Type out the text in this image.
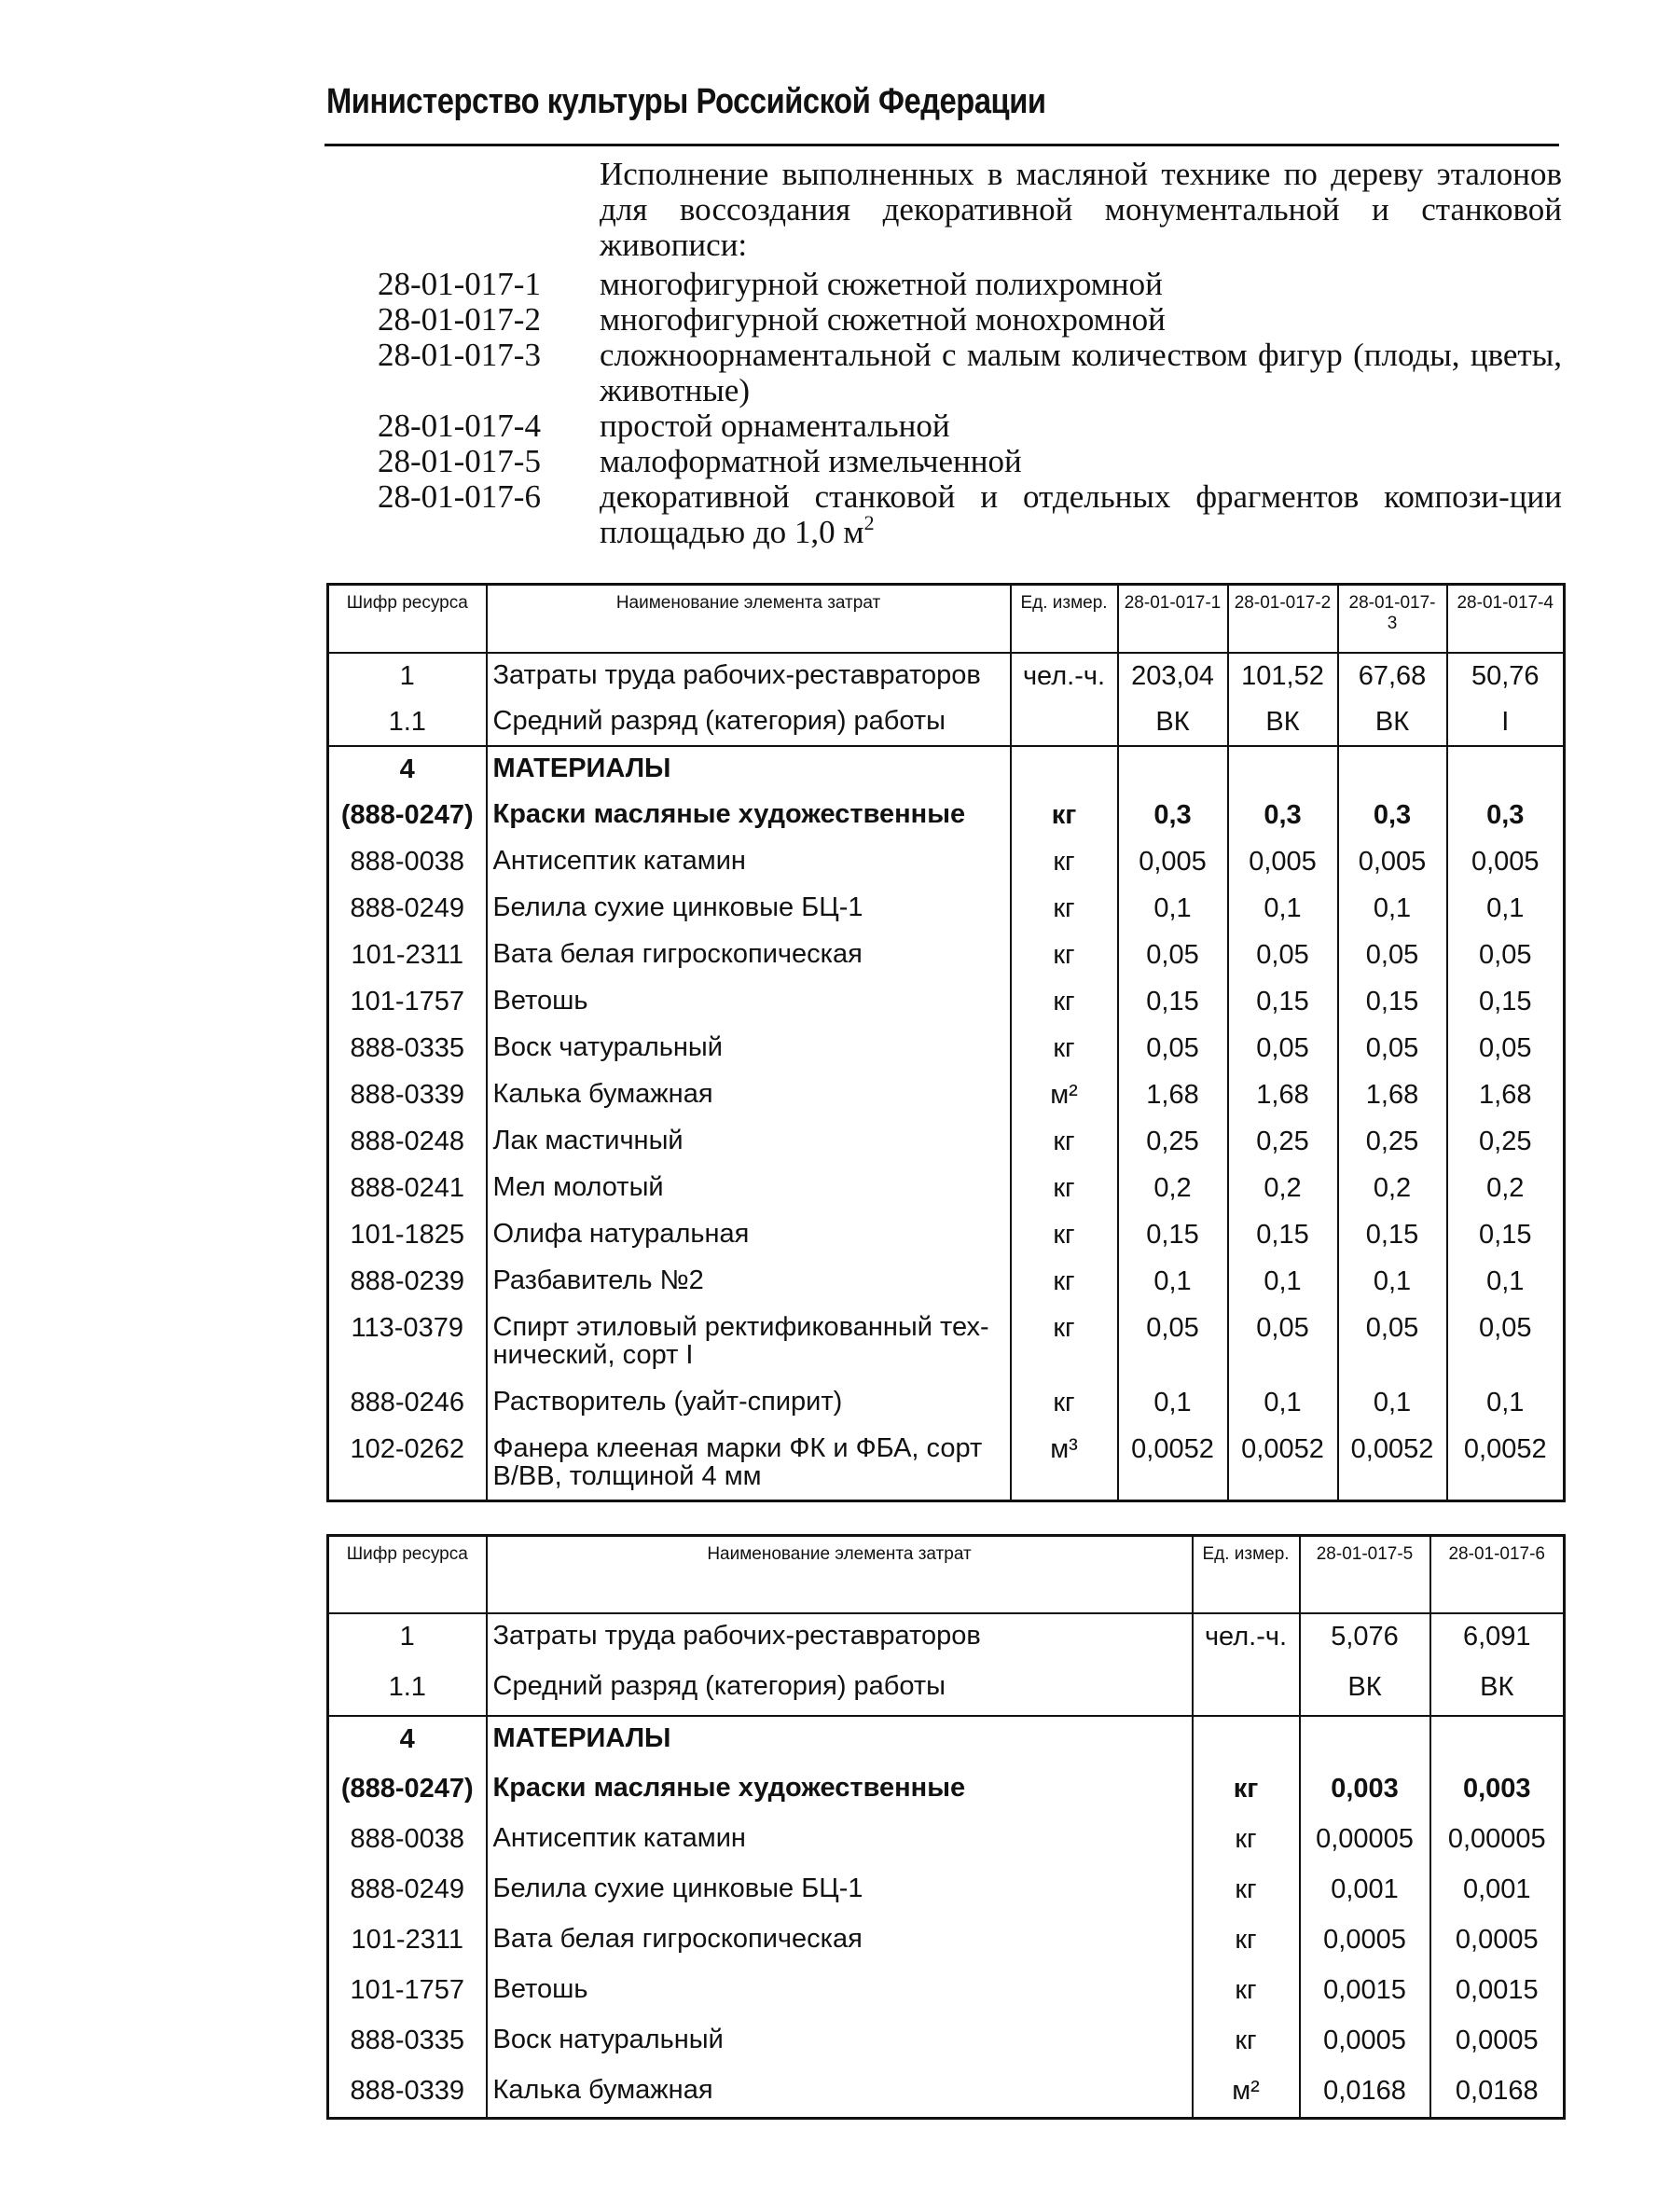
Министерство культуры Российской Федерации
Исполнение выполненных в масляной технике по дереву эталонов для воссоздания декоративной монументальной и станковой живописи:
28-01-017-1	многофигурной сюжетной полихромной
28-01-017-2	многофигурной сюжетной монохромной
28-01-017-3	сложноорнаментальной с малым количеством фигур (плоды, цветы, животные)
28-01-017-4	простой орнаментальной
28-01-017-5	малоформатной измельченной
28-01-017-6	декоративной станковой и отдельных фрагментов компози-ции площадью до 1,0 $м^2$
Шифр ресурса	Наименование элемента затрат	Ед. измер.	28-01-017-1	28-01-017-2	28-01-017-3	28-01-017-4
1	Затраты труда рабочих-реставраторов	чел.-ч.	203,04	101,52	67,68	50,76
1.1	Средний разряд (категория) работы		ВК	ВК	ВК	I
4	МАТЕРИАЛЫ					
(888-0247)	Краски масляные художественные	кг	0,3	0,3	0,3	0,3
888-0038	Антисептик катамин	кг	0,005	0,005	0,005	0,005
888-0249	Белила сухие цинковые БЦ-1	кг	0,1	0,1	0,1	0,1
101-2311	Вата белая гигроскопическая	кг	0,05	0,05	0,05	0,05
101-1757	Ветошь	кг	0,15	0,15	0,15	0,15
888-0335	Воск чатуральный	кг	0,05	0,05	0,05	0,05
888-0339	Калька бумажная	м²	1,68	1,68	1,68	1,68
888-0248	Лак мастичный	кг	0,25	0,25	0,25	0,25
888-0241	Мел молотый	кг	0,2	0,2	0,2	0,2
101-1825	Олифа натуральная	кг	0,15	0,15	0,15	0,15
888-0239	Разбавитель №2	кг	0,1	0,1	0,1	0,1
113-0379	Спирт этиловый ректификованный тех-нический, сорт I	кг	0,05	0,05	0,05	0,05
888-0246	Растворитель (уайт-спирит)	кг	0,1	0,1	0,1	0,1
102-0262	Фанера клееная марки ФК и ФБА, сорт В/ВВ, толщиной 4 мм	м³	0,0052	0,0052	0,0052	0,0052
Шифр ресурса	Наименование элемента затрат	Ед. измер.	28-01-017-5	28-01-017-6
1	Затраты труда рабочих-реставраторов	чел.-ч.	5,076	6,091
1.1	Средний разряд (категория) работы		ВК	ВК
4	МАТЕРИАЛЫ			
(888-0247)	Краски масляные художественные	кг	0,003	0,003
888-0038	Антисептик катамин	кг	0,00005	0,00005
888-0249	Белила сухие цинковые БЦ-1	кг	0,001	0,001
101-2311	Вата белая гигроскопическая	кг	0,0005	0,0005
101-1757	Ветошь	кг	0,0015	0,0015
888-0335	Воск натуральный	кг	0,0005	0,0005
888-0339	Калька бумажная	м²	0,0168	0,0168
